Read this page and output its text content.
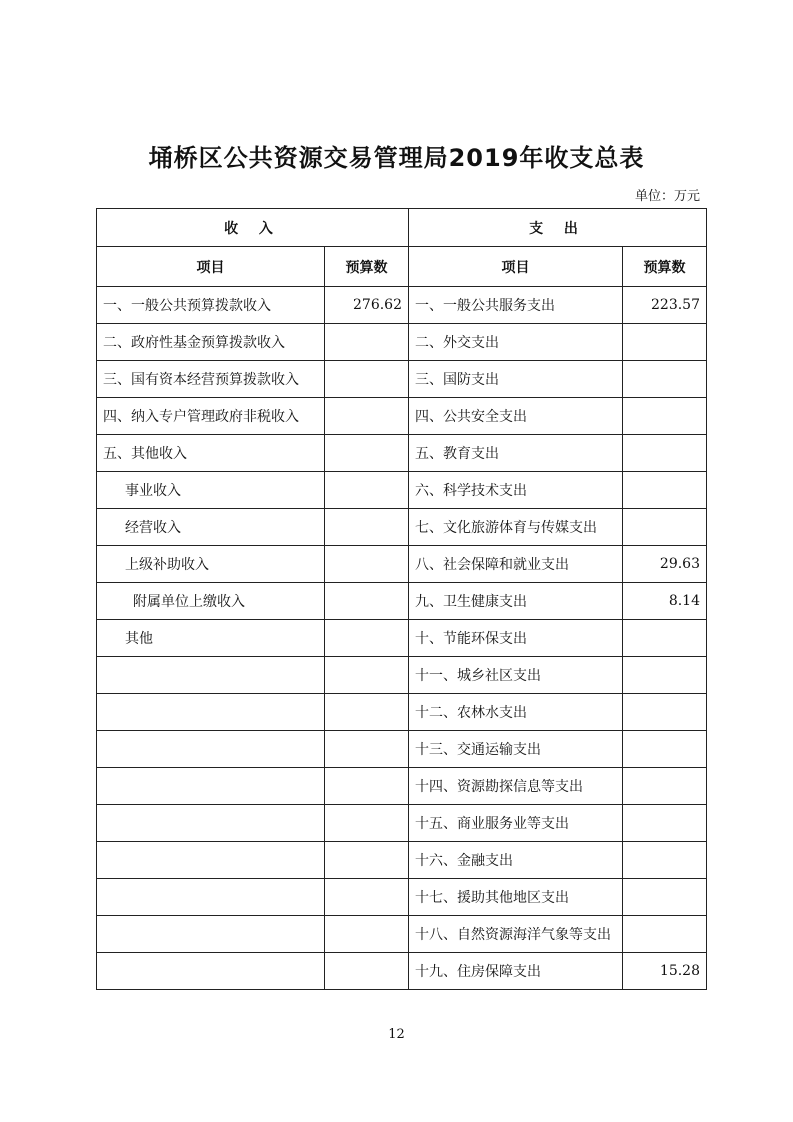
埇桥区公共资源交易管理局2019年收支总表
单位：万元
收 入		支 出	
项目	预算数	项目	预算数
一、一般公共预算拨款收入	276.62	一、一般公共服务支出	223.57
二、政府性基金预算拨款收入		二、外交支出	
三、国有资本经营预算拨款收入		三、国防支出	
四、纳入专户管理政府非税收入		四、公共安全支出	
五、其他收入		五、教育支出	
事业收入		六、科学技术支出	
经营收入		七、文化旅游体育与传媒支出	
上级补助收入		八、社会保障和就业支出	29.63
附属单位上缴收入		九、卫生健康支出	8.14
其他		十、节能环保支出	
		十一、城乡社区支出	
		十二、农林水支出	
		十三、交通运输支出	
		十四、资源勘探信息等支出	
		十五、商业服务业等支出	
		十六、金融支出	
		十七、援助其他地区支出	
		十八、自然资源海洋气象等支出	
		十九、住房保障支出	15.28
12
